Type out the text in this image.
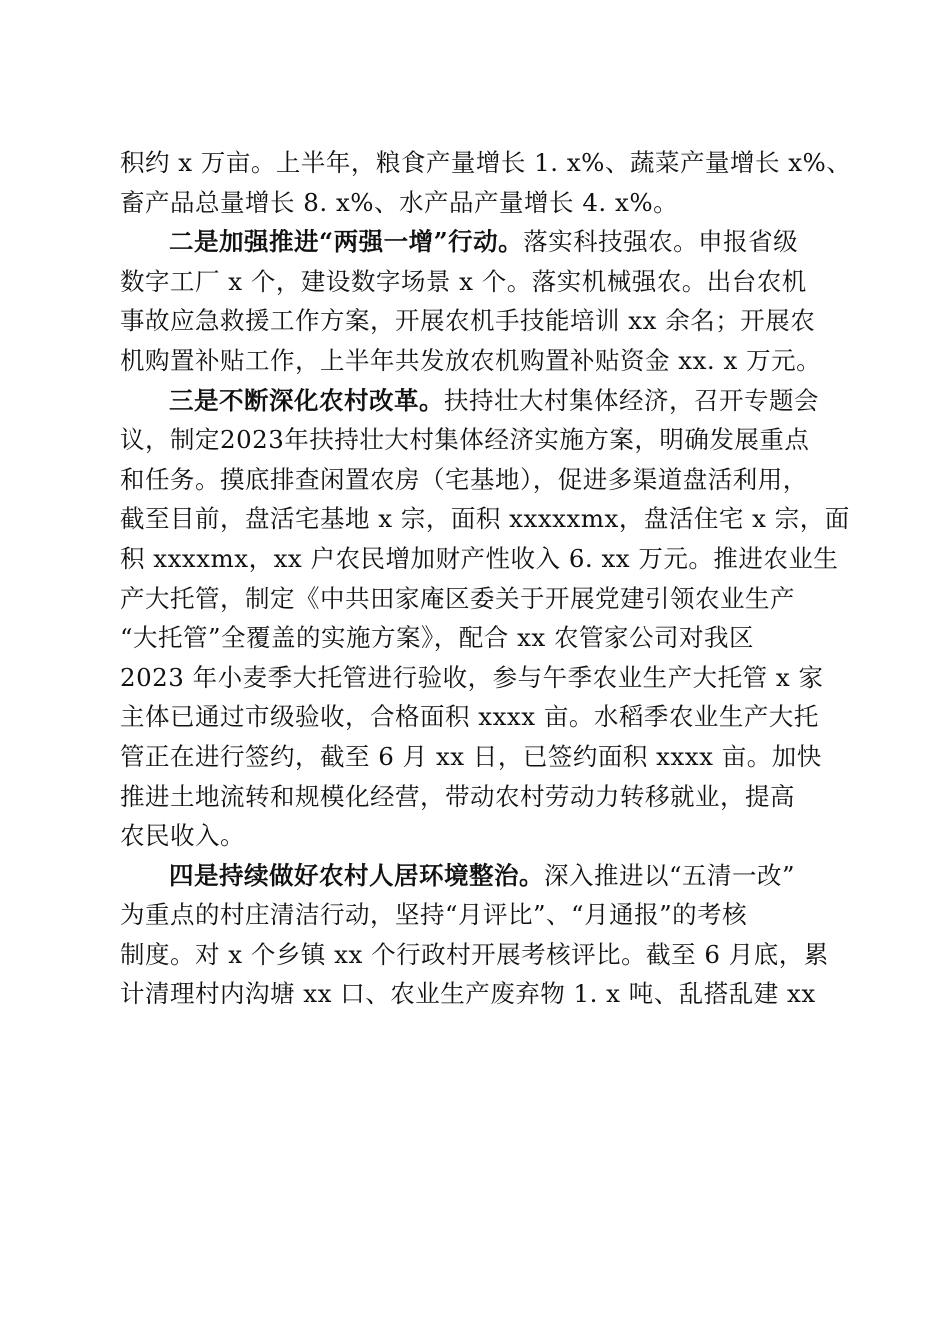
积约 x 万亩。上半年，粮食产量增长 1. x%、蔬菜产量增长 x%、
畜产品总量增长 8. x%、水产品产量增长 4. x%。
二是加强推进“两强一增”行动。落实科技强农。申报省级
数字工厂 x 个，建设数字场景 x 个。落实机械强农。出台农机
事故应急救援工作方案，开展农机手技能培训 xx 余名；开展农
机购置补贴工作，上半年共发放农机购置补贴资金 xx. x 万元。
三是不断深化农村改革。扶持壮大村集体经济，召开专题会
议，制定2023年扶持壮大村集体经济实施方案，明确发展重点
和任务。摸底排查闲置农房（宅基地），促进多渠道盘活利用，
截至目前，盘活宅基地 x 宗，面积 xxxxxmx，盘活住宅 x 宗，面
积 xxxxmx，xx 户农民增加财产性收入 6. xx 万元。推进农业生
产大托管，制定《中共田家庵区委关于开展党建引领农业生产
“大托管”全覆盖的实施方案》，配合 xx 农管家公司对我区
2023 年小麦季大托管进行验收，参与午季农业生产大托管 x 家
主体已通过市级验收，合格面积 xxxx 亩。水稻季农业生产大托
管正在进行签约，截至 6 月 xx 日，已签约面积 xxxx 亩。加快
推进土地流转和规模化经营，带动农村劳动力转移就业，提高
农民收入。
四是持续做好农村人居环境整治。深入推进以“五清一改”
为重点的村庄清洁行动，坚持“月评比”、“月通报”的考核
制度。对 x 个乡镇 xx 个行政村开展考核评比。截至 6 月底，累
计清理村内沟塘 xx 口、农业生产废弃物 1. x 吨、乱搭乱建 xx
